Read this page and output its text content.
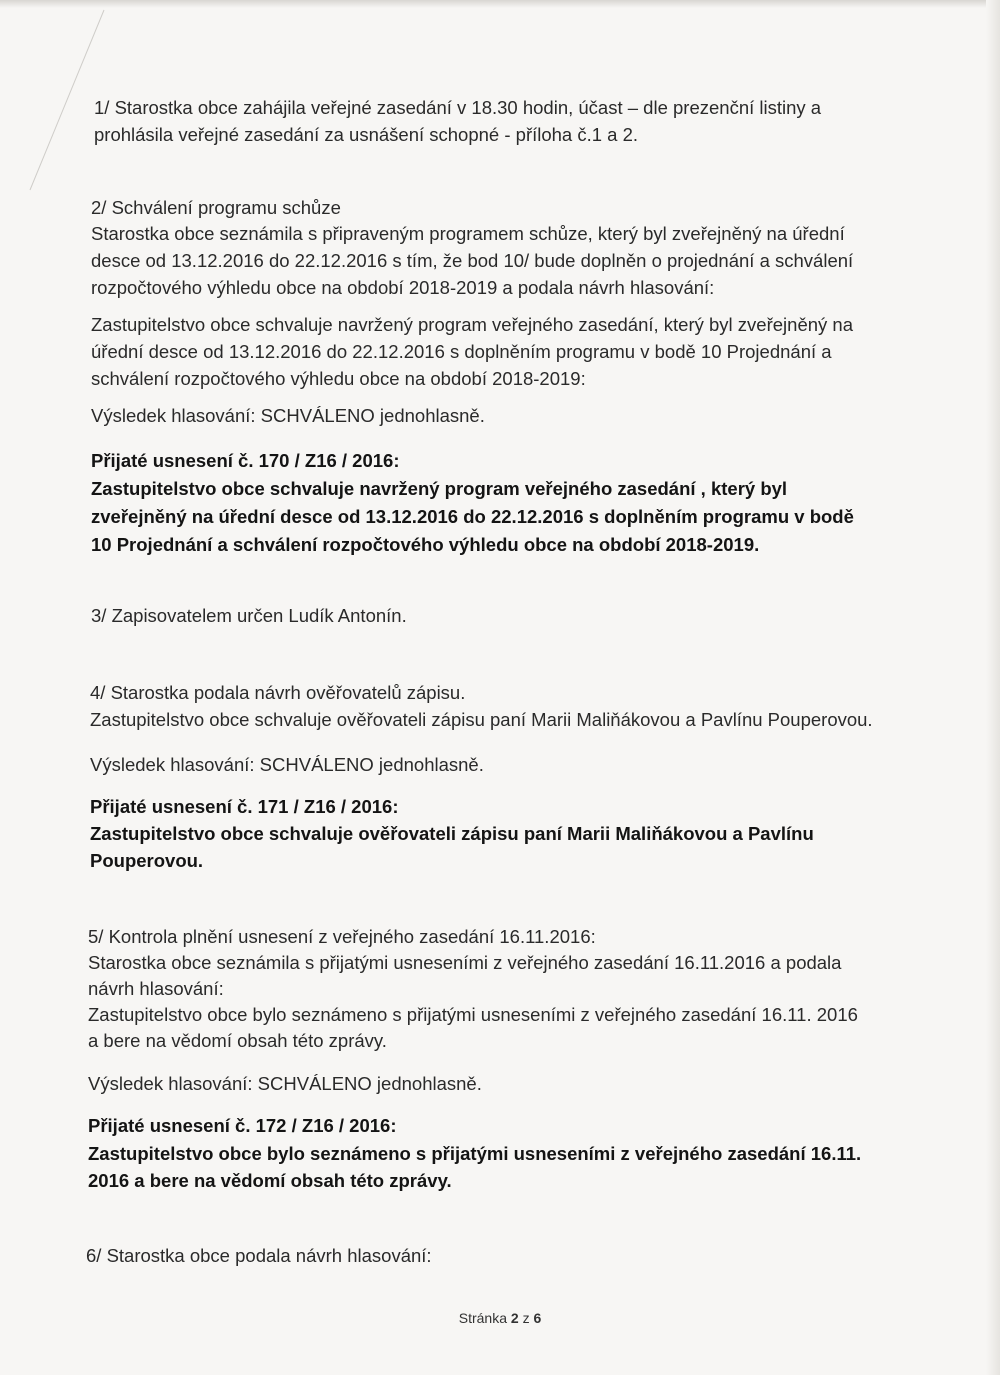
1/ Starostka obce zahájila veřejné zasedání v 18.30 hodin, účast – dle prezenční listiny a
prohlásila veřejné zasedání za usnášení schopné - příloha č.1 a 2.
2/ Schválení programu schůze
Starostka obce seznámila s připraveným programem schůze, který byl zveřejněný na úřední
desce od 13.12.2016 do 22.12.2016 s tím, že bod 10/ bude doplněn o projednání a schválení
rozpočtového výhledu obce na období 2018-2019 a podala návrh hlasování:
Zastupitelstvo obce schvaluje navržený program veřejného zasedání, který byl zveřejněný na
úřední desce od 13.12.2016 do 22.12.2016 s doplněním programu v bodě 10 Projednání a
schválení rozpočtového výhledu obce na období 2018-2019:
Výsledek hlasování: SCHVÁLENO jednohlasně.
Přijaté usnesení č. 170 / Z16 / 2016:
Zastupitelstvo obce schvaluje navržený program veřejného zasedání , který byl
zveřejněný na úřední desce od 13.12.2016 do 22.12.2016 s doplněním programu v bodě
10 Projednání a schválení rozpočtového výhledu obce na období 2018-2019.
3/ Zapisovatelem určen Ludík Antonín.
4/ Starostka podala návrh ověřovatelů zápisu.
Zastupitelstvo obce schvaluje ověřovateli zápisu paní Marii Maliňákovou a Pavlínu Pouperovou.
Výsledek hlasování: SCHVÁLENO jednohlasně.
Přijaté usnesení č. 171 / Z16 / 2016:
Zastupitelstvo obce schvaluje ověřovateli zápisu paní Marii Maliňákovou a Pavlínu
Pouperovou.
5/ Kontrola plnění usnesení z veřejného zasedání 16.11.2016:
Starostka obce seznámila s přijatými usneseními z veřejného zasedání 16.11.2016 a podala
návrh hlasování:
Zastupitelstvo obce bylo seznámeno s přijatými usneseními z veřejného zasedání 16.11. 2016
a bere na vědomí obsah této zprávy.
Výsledek hlasování: SCHVÁLENO jednohlasně.
Přijaté usnesení č. 172 / Z16 / 2016:
Zastupitelstvo obce bylo seznámeno s přijatými usneseními z veřejného zasedání 16.11.
2016 a bere na vědomí obsah této zprávy.
6/ Starostka obce podala návrh hlasování:
Stránka 2 z 6
